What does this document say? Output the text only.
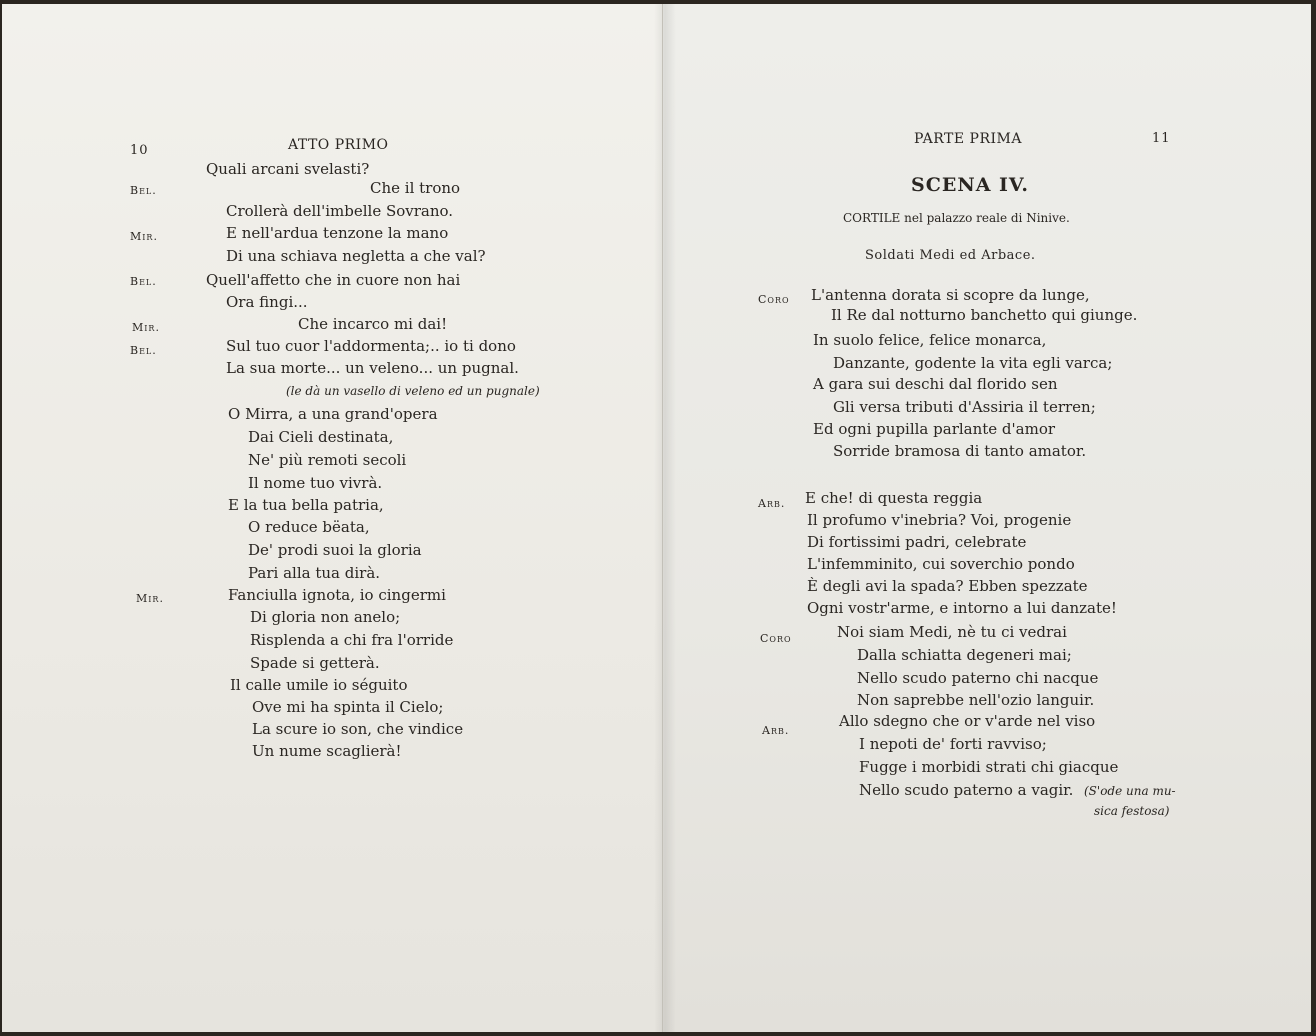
10	ATTO PRIMO
Quali arcani svelasti?
Bel.	Che il trono
Crollerà dell'imbelle Sovrano.
Mir.	E nell'ardua tenzone la mano
Di una schiava negletta a che val?
Bel.	Quell'affetto che in cuore non hai
Ora fingi...
Mir.	Che incarco mi dai!
Bel.	Sul tuo cuor l'addormenta;.. io ti dono
La sua morte... un veleno... un pugnal.
(le dà un vasello di veleno ed un pugnale)
O Mirra, a una grand'opera
Dai Cieli destinata,
Ne' più remoti secoli
Il nome tuo vivrà.
E la tua bella patria,
O reduce bëata,
De' prodi suoi la gloria
Pari alla tua dirà.
Mir.	Fanciulla ignota, io cingermi
Di gloria non anelo;
Risplenda a chi fra l'orride
Spade si getterà.
Il calle umile io séguito
Ove mi ha spinta il Cielo;
La scure io son, che vindice
Un nume scaglierà!
PARTE PRIMA	11
SCENA IV.
CORTILE nel palazzo reale di Ninive.
Soldati Medi ed Arbace.
Coro L'antenna dorata si scopre da lunge,
Il Re dal notturno banchetto qui giunge.
In suolo felice, felice monarca,
Danzante, godente la vita egli varca;
A gara sui deschi dal florido sen
Gli versa tributi d'Assiria il terren;
Ed ogni pupilla parlante d'amor
Sorride bramosa di tanto amator.
Arb. E che! di questa reggia
Il profumo v'inebria? Voi, progenie
Di fortissimi padri, celebrate
L'infemminito, cui soverchio pondo
È degli avi la spada? Ebben spezzate
Ogni vostr'arme, e intorno a lui danzate!
Coro	Noi siam Medi, nè tu ci vedrai
Dalla schiatta degeneri mai;
Nello scudo paterno chi nacque
Non saprebbe nell'ozio languir.
Arb.
Allo sdegno che or v'arde nel viso
I nepoti de' forti ravviso;
Fugge i morbidi strati chi giacque
Nello scudo paterno a vagir. (S'ode una mu-
sica festosa)
